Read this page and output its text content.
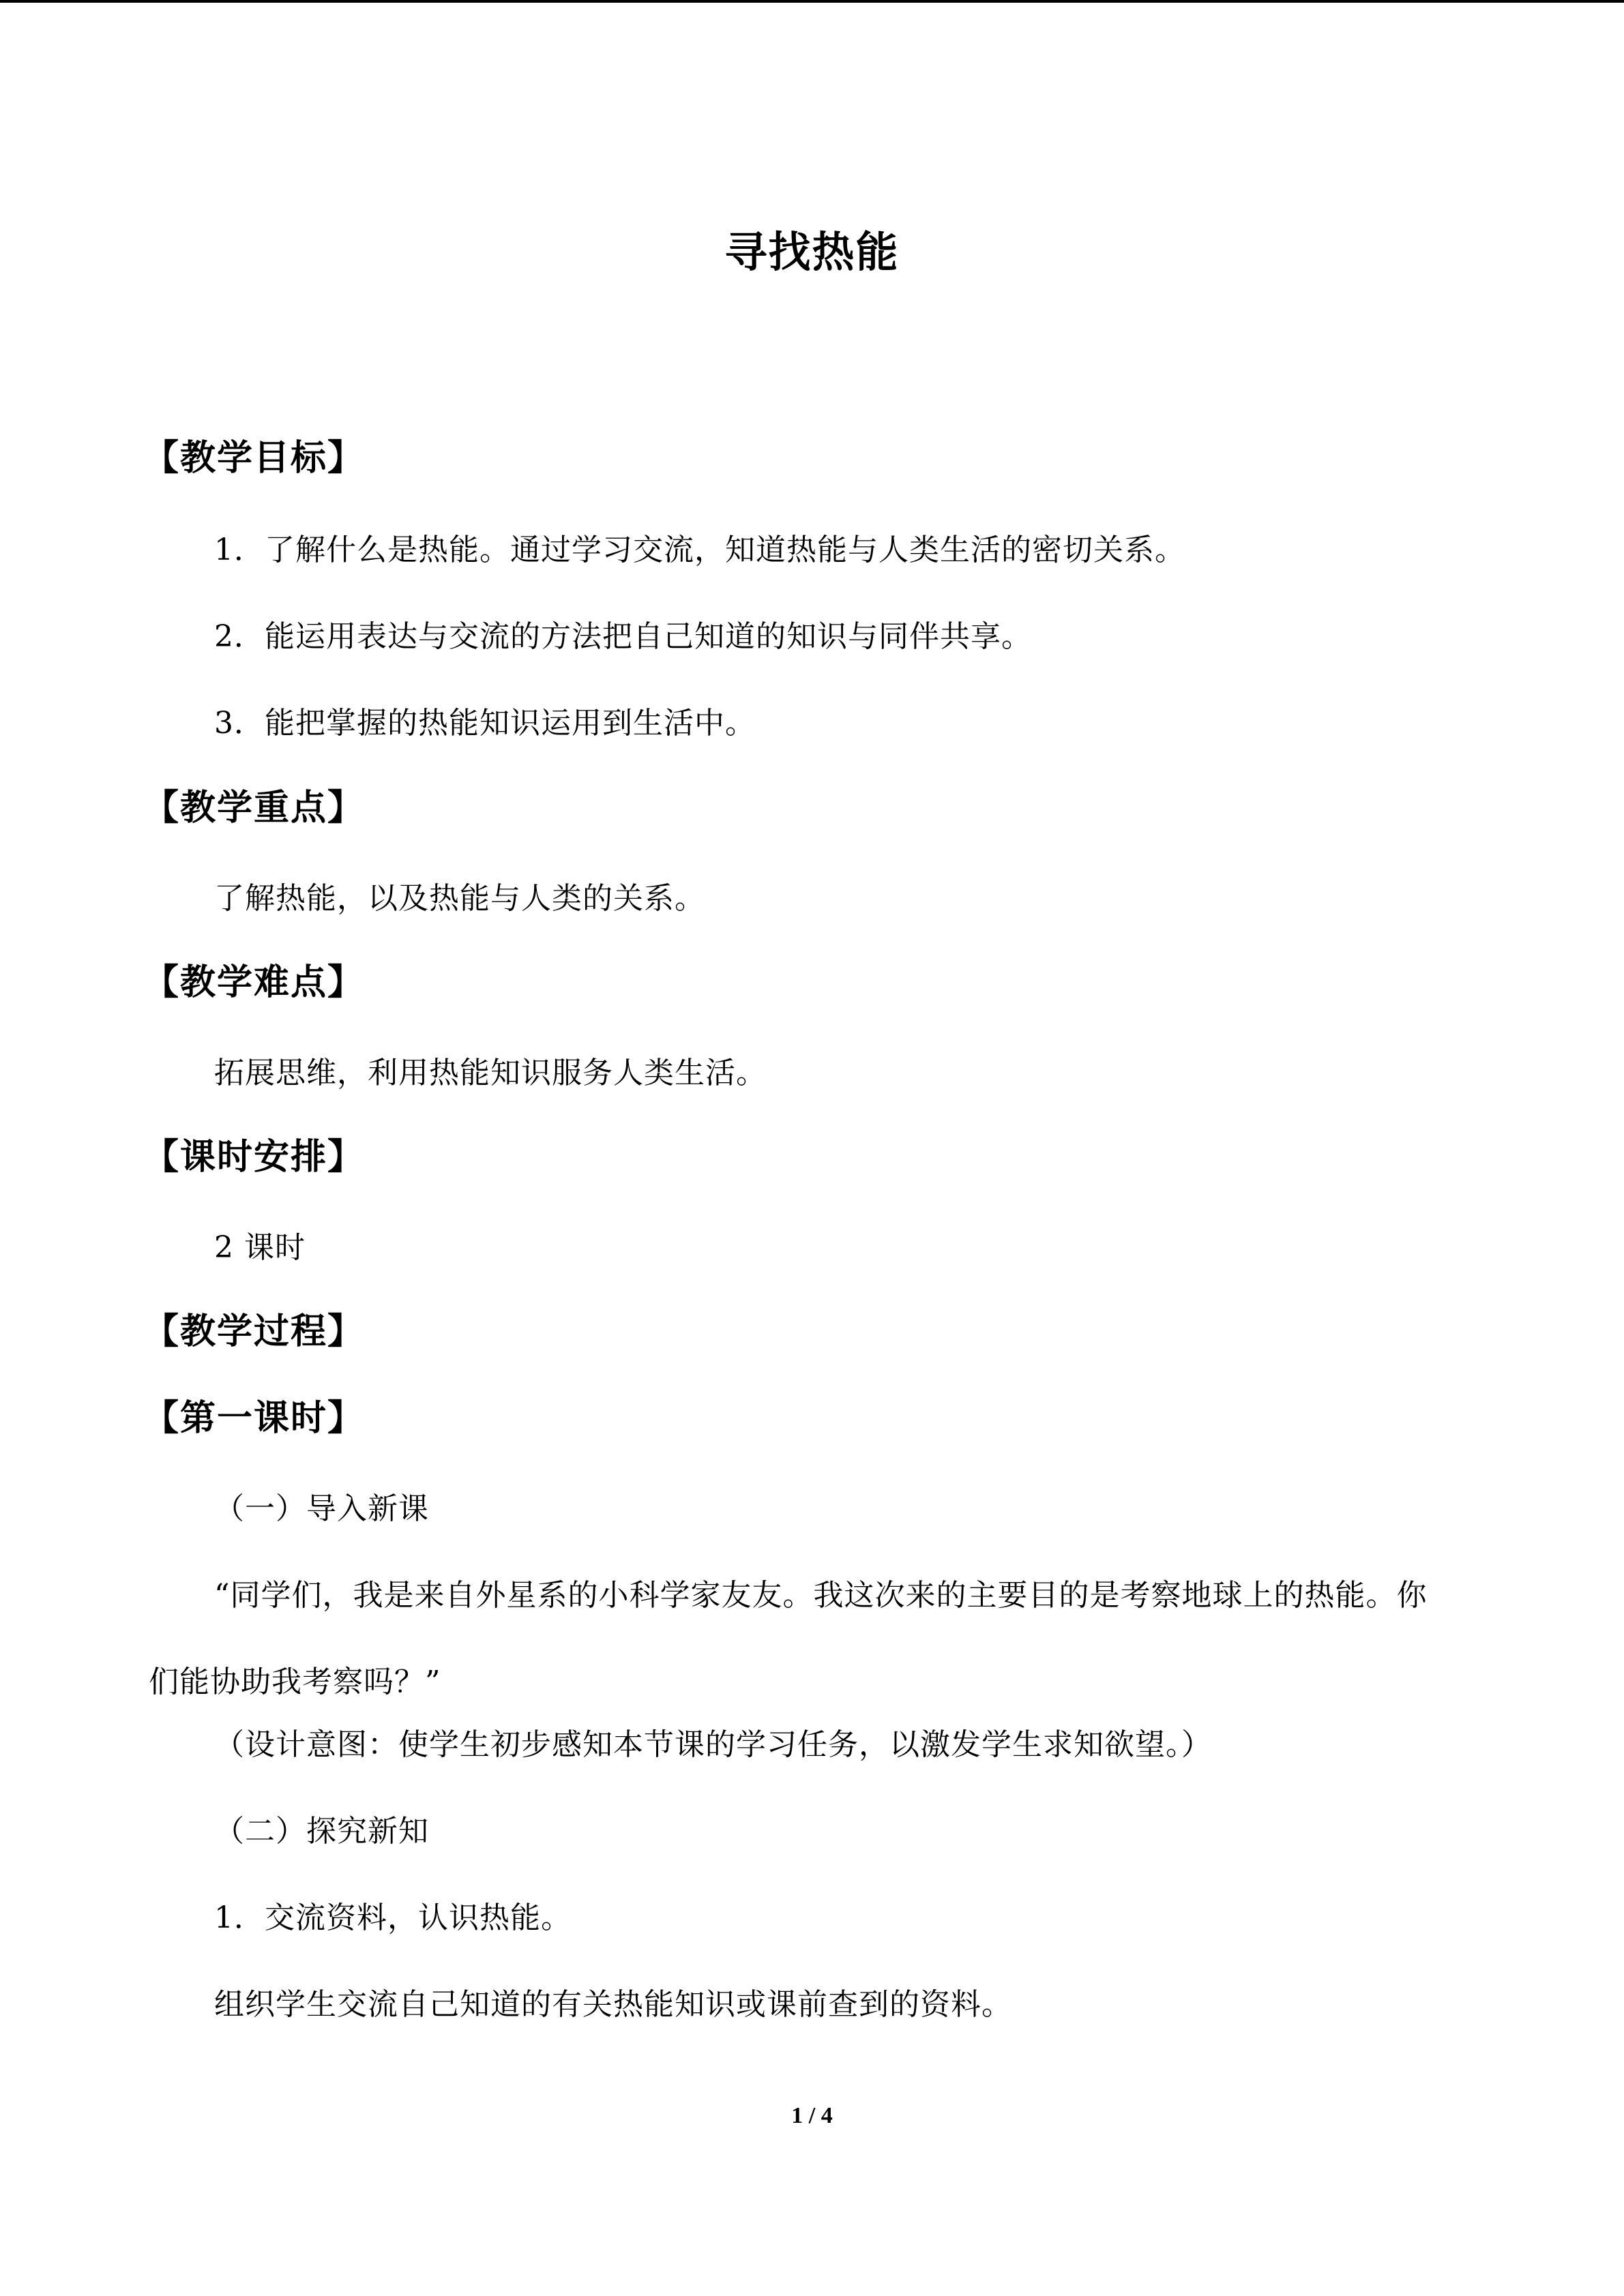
寻找热能
【教学目标】
1．了解什么是热能。通过学习交流，知道热能与人类生活的密切关系。
2．能运用表达与交流的方法把自己知道的知识与同伴共享。
3．能把掌握的热能知识运用到生活中。
【教学重点】
了解热能，以及热能与人类的关系。
【教学难点】
拓展思维，利用热能知识服务人类生活。
【课时安排】
2 课时
【教学过程】
【第一课时】
（一）导入新课
“同学们，我是来自外星系的小科学家友友。我这次来的主要目的是考察地球上的热能。你们能协助我考察吗？”
（设计意图：使学生初步感知本节课的学习任务，以激发学生求知欲望。）
（二）探究新知
1．交流资料，认识热能。
组织学生交流自己知道的有关热能知识或课前查到的资料。
1 / 4
